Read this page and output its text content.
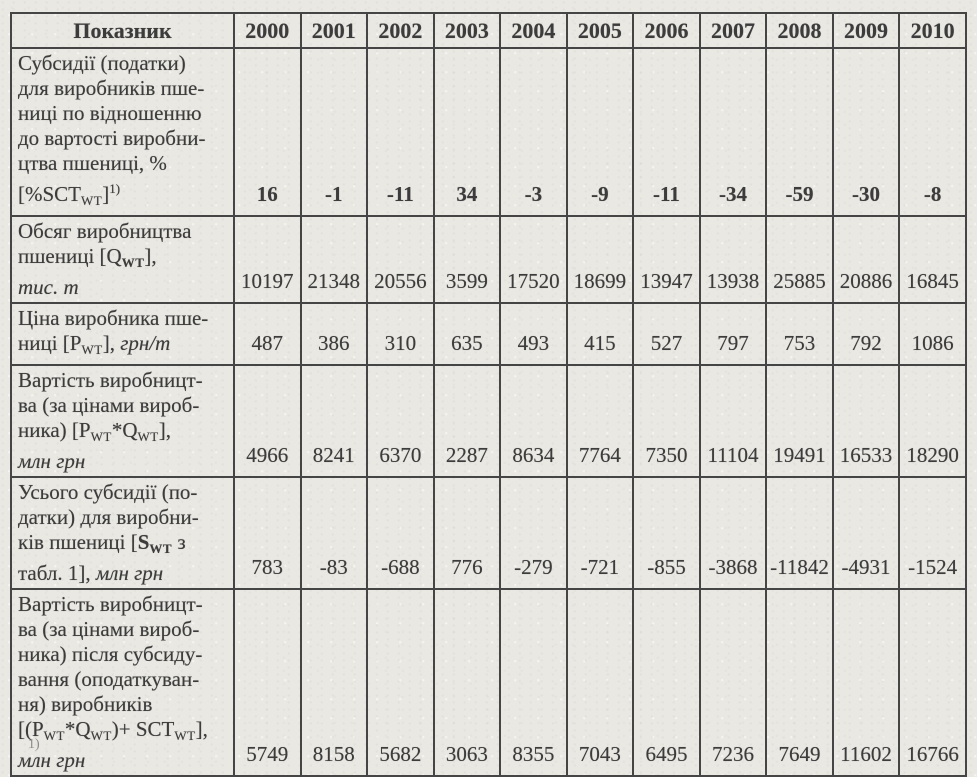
Показник	2000	2001	2002	2003	2004	2005	2006	2007	2008	2009	2010

Субсидії (податки)
для виробників пше-
ниці по відношенню
до вартості виробни-
цтва пшениці, %
$[\%SCT_{WT}]^{1)}$	16	-1	-11	34	-3	-9	-11	-34	-59	-30	-8

Обсяг виробництва
пшениці $[Q_{WT}]$,
тис. т	10197	21348	20556	3599	17520	18699	13947	13938	25885	20886	16845

Ціна виробника пше-
ниці $[P_{WT}]$, грн/т	487	386	310	635	493	415	527	797	753	792	1086

Вартість виробницт-
ва (за цінами вироб-
ника) $[P_{WT}*Q_{WT}]$,
млн грн	4966	8241	6370	2287	8634	7764	7350	11104	19491	16533	18290

Усього субсидії (по-
датки) для виробни-
ків пшениці [$S_{WT}$ з
табл. 1], млн грн	783	-83	-688	776	-279	-721	-855	-3868	-11842	-4931	-1524

Вартість виробницт-
ва (за цінами вироб-
ника) після субсиду-
вання (оподаткуван-
ня) виробників
$[(P_{WT}*Q_{WT})+ SCT_{WT}]$,
млн грн	5749	8158	5682	3063	8355	7043	6495	7236	7649	11602	16766
1)
